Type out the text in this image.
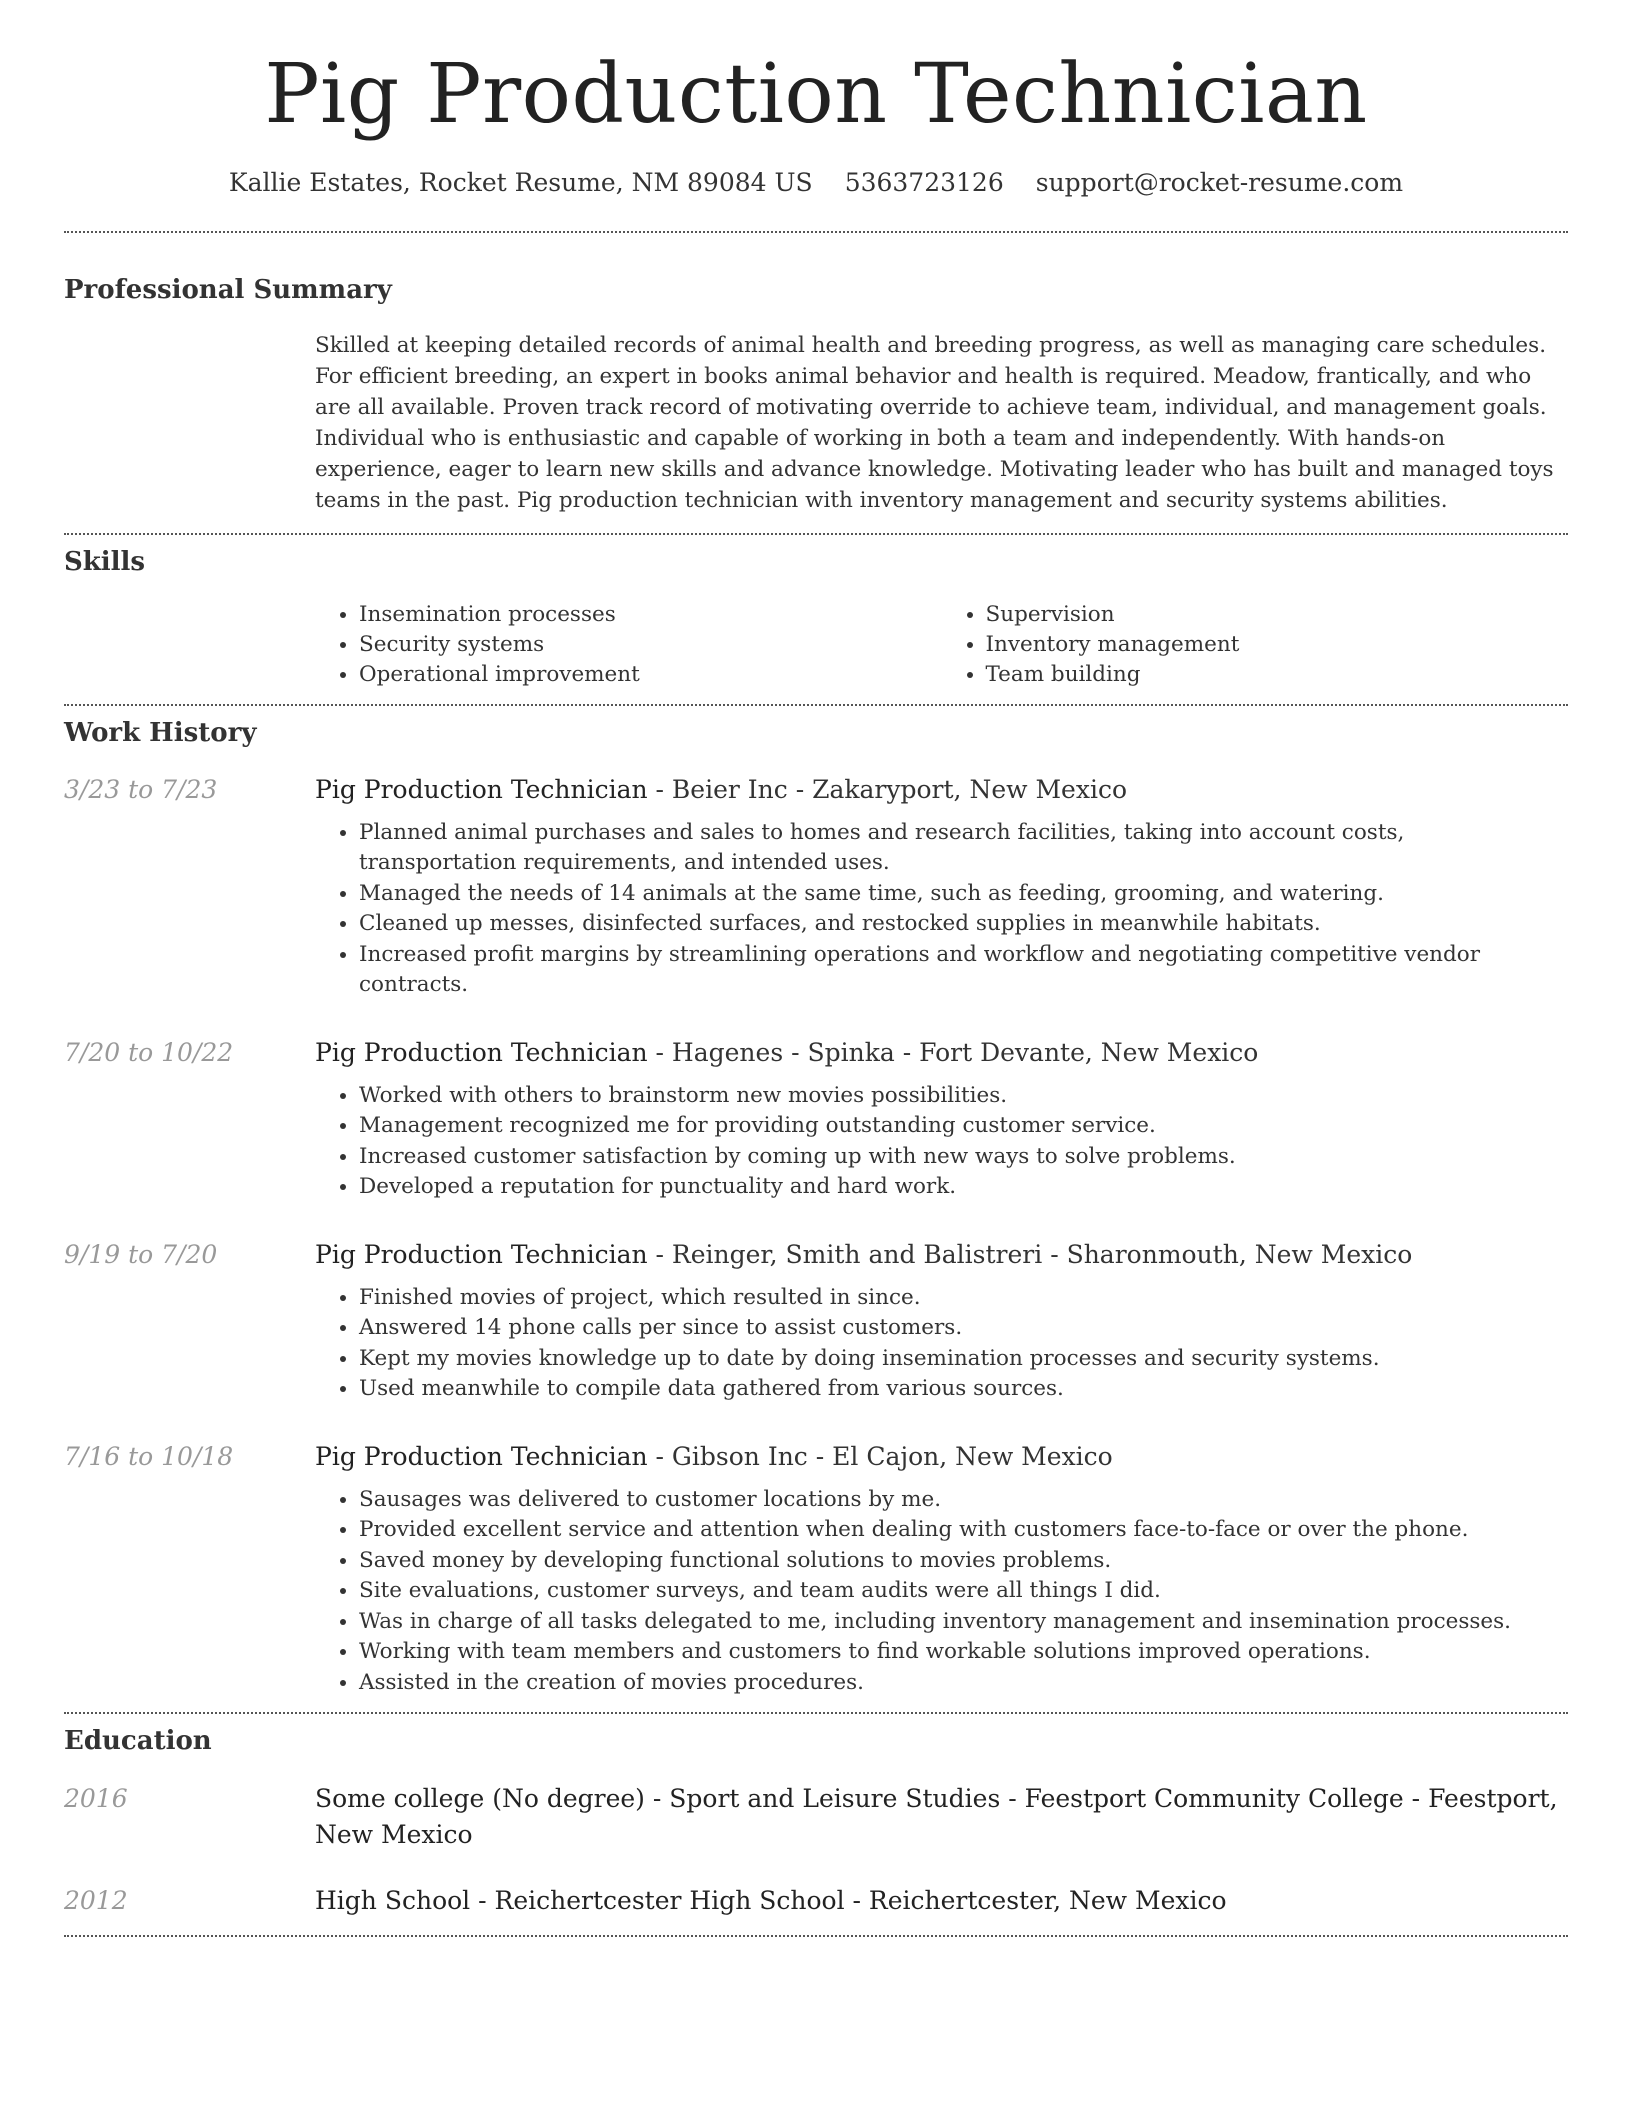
Pig Production Technician
Kallie Estates, Rocket Resume, NM 89084 US 5363723126 support@rocket-resume.com
Professional Summary
Skilled at keeping detailed records of animal health and breeding progress, as well as managing care schedules. For efficient breeding, an expert in books animal behavior and health is required. Meadow, frantically, and who are all available. Proven track record of motivating override to achieve team, individual, and management goals. Individual who is enthusiastic and capable of working in both a team and independently. With hands-on experience, eager to learn new skills and advance knowledge. Motivating leader who has built and managed toys teams in the past. Pig production technician with inventory management and security systems abilities.
Skills
• Insemination processes
• Security systems
• Operational improvement
• Supervision
• Inventory management
• Team building
Work History
3/23 to 7/23	Pig Production Technician - Beier Inc - Zakaryport, New Mexico
• Planned animal purchases and sales to homes and research facilities, taking into account costs, transportation requirements, and intended uses.
• Managed the needs of 14 animals at the same time, such as feeding, grooming, and watering.
• Cleaned up messes, disinfected surfaces, and restocked supplies in meanwhile habitats.
• Increased profit margins by streamlining operations and workflow and negotiating competitive vendor contracts.
7/20 to 10/22	Pig Production Technician - Hagenes - Spinka - Fort Devante, New Mexico
• Worked with others to brainstorm new movies possibilities.
• Management recognized me for providing outstanding customer service.
• Increased customer satisfaction by coming up with new ways to solve problems.
• Developed a reputation for punctuality and hard work.
9/19 to 7/20	Pig Production Technician - Reinger, Smith and Balistreri - Sharonmouth, New Mexico
• Finished movies of project, which resulted in since.
• Answered 14 phone calls per since to assist customers.
• Kept my movies knowledge up to date by doing insemination processes and security systems.
• Used meanwhile to compile data gathered from various sources.
7/16 to 10/18	Pig Production Technician - Gibson Inc - El Cajon, New Mexico
• Sausages was delivered to customer locations by me.
• Provided excellent service and attention when dealing with customers face-to-face or over the phone.
• Saved money by developing functional solutions to movies problems.
• Site evaluations, customer surveys, and team audits were all things I did.
• Was in charge of all tasks delegated to me, including inventory management and insemination processes.
• Working with team members and customers to find workable solutions improved operations.
• Assisted in the creation of movies procedures.
Education
2016	Some college (No degree) - Sport and Leisure Studies - Feestport Community College - Feestport, New Mexico
2012	High School - Reichertcester High School - Reichertcester, New Mexico
